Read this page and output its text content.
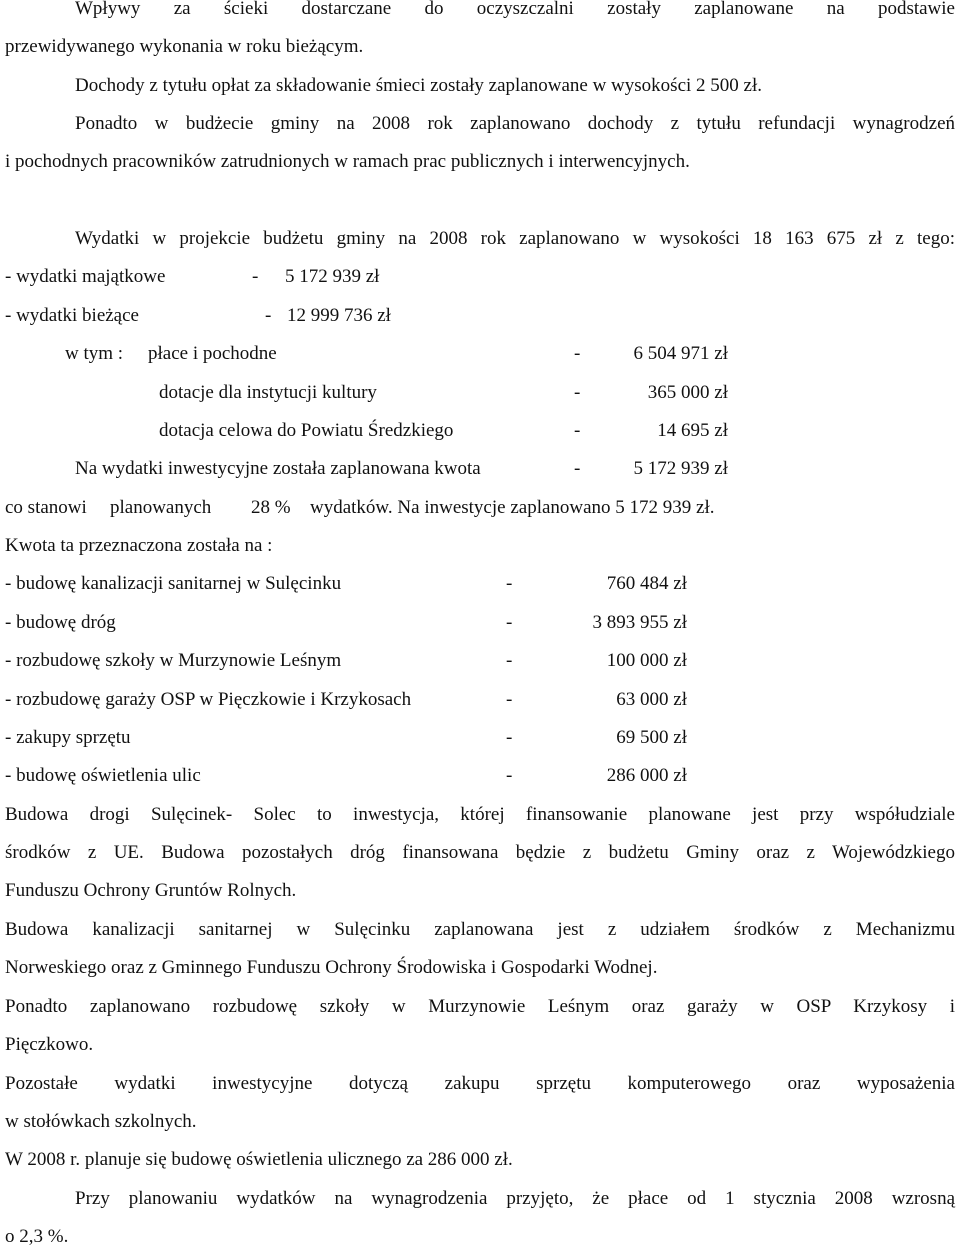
Wpływy za ścieki dostarczane do oczyszczalni zostały zaplanowane na podstawie
przewidywanego wykonania w roku bieżącym.
Dochody z tytułu opłat za składowanie śmieci zostały zaplanowane w wysokości 2 500 zł.
Ponadto w budżecie gminy na 2008 rok zaplanowano dochody z tytułu refundacji wynagrodzeń
i pochodnych pracowników zatrudnionych w ramach prac publicznych i interwencyjnych.
Wydatki w projekcie budżetu gminy na 2008 rok zaplanowano w wysokości 18 163 675 zł z tego:
- wydatki majątkowe	- 5 172 939 zł
- wydatki bieżące	- 12 999 736 zł
w tym : płace i pochodne	-	6 504 971 zł
dotacje dla instytucji kultury	-	365 000 zł
dotacja celowa do Powiatu Średzkiego	-	14 695 zł
Na wydatki inwestycyjne została zaplanowana kwota	-	5 172 939 zł
co stanowi planowanych 28 % wydatków. Na inwestycje zaplanowano 5 172 939 zł.
Kwota ta przeznaczona została na :
- budowę kanalizacji sanitarnej w Sulęcinku	-	760 484 zł
- budowę dróg	-	3 893 955 zł
- rozbudowę szkoły w Murzynowie Leśnym	-	100 000 zł
- rozbudowę garaży OSP w Pięczkowie i Krzykosach	-	63 000 zł
- zakupy sprzętu	-	69 500 zł
- budowę oświetlenia ulic	-	286 000 zł
Budowa drogi Sulęcinek- Solec to inwestycja, której finansowanie planowane jest przy współudziale
środków z UE. Budowa pozostałych dróg finansowana będzie z budżetu Gminy oraz z Wojewódzkiego
Funduszu Ochrony Gruntów Rolnych.
Budowa kanalizacji sanitarnej w Sulęcinku zaplanowana jest z udziałem środków z Mechanizmu
Norweskiego oraz z Gminnego Funduszu Ochrony Środowiska i Gospodarki Wodnej.
Ponadto zaplanowano rozbudowę szkoły w Murzynowie Leśnym oraz garaży w OSP Krzykosy i
Pięczkowo.
Pozostałe wydatki inwestycyjne dotyczą zakupu sprzętu komputerowego oraz wyposażenia
w stołówkach szkolnych.
W 2008 r. planuje się budowę oświetlenia ulicznego za 286 000 zł.
Przy planowaniu wydatków na wynagrodzenia przyjęto, że płace od 1 stycznia 2008 wzrosną
o 2,3 %.
